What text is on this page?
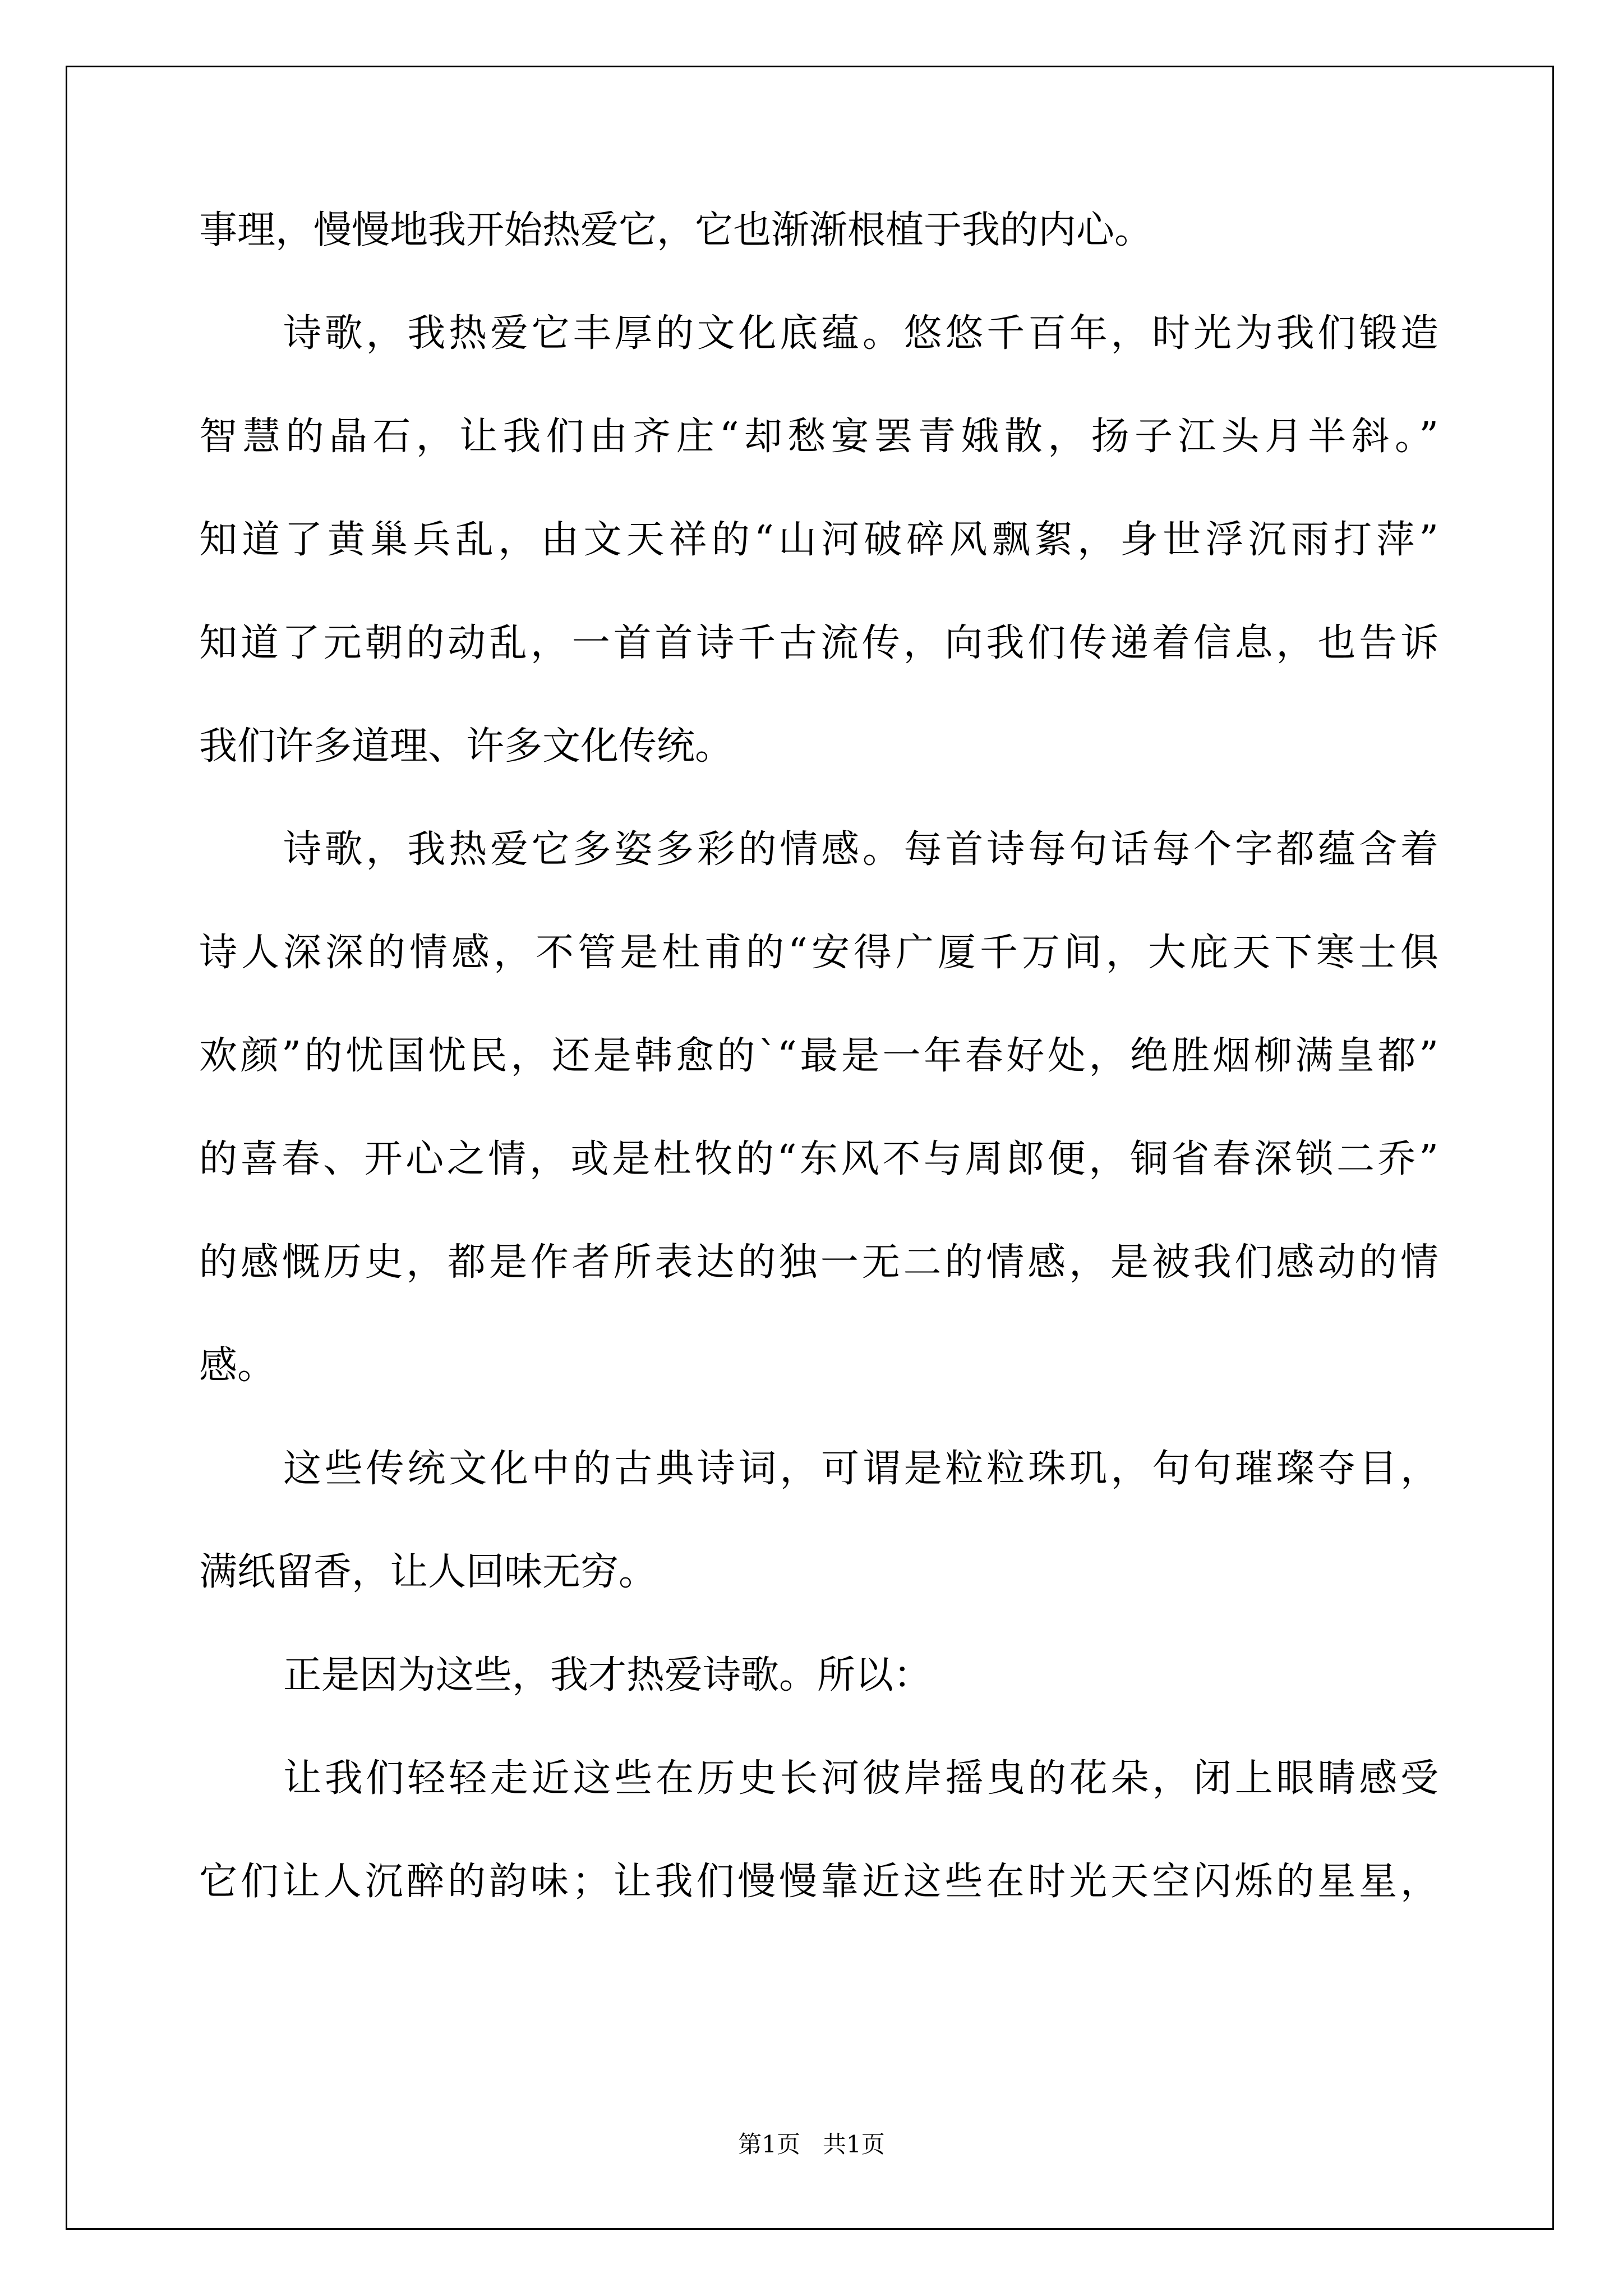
事理，慢慢地我开始热爱它，它也渐渐根植于我的内心。
诗歌，我热爱它丰厚的文化底蕴。悠悠千百年，时光为我们锻造
智慧的晶石，让我们由齐庄“却愁宴罢青娥散，扬子江头月半斜。”
知道了黄巢兵乱，由文天祥的“山河破碎风飘絮，身世浮沉雨打萍”
知道了元朝的动乱，一首首诗千古流传，向我们传递着信息，也告诉
我们许多道理、许多文化传统。
诗歌，我热爱它多姿多彩的情感。每首诗每句话每个字都蕴含着
诗人深深的情感，不管是杜甫的“安得广厦千万间，大庇天下寒士俱
欢颜”的忧国忧民，还是韩愈的`“最是一年春好处，绝胜烟柳满皇都”
的喜春、开心之情，或是杜牧的“东风不与周郎便，铜省春深锁二乔”
的感慨历史，都是作者所表达的独一无二的情感，是被我们感动的情
感。
这些传统文化中的古典诗词，可谓是粒粒珠玑，句句璀璨夺目，
满纸留香，让人回味无穷。
正是因为这些，我才热爱诗歌。所以：
让我们轻轻走近这些在历史长河彼岸摇曳的花朵，闭上眼睛感受
它们让人沉醉的韵味；让我们慢慢靠近这些在时光天空闪烁的星星，
第1页   共1页
